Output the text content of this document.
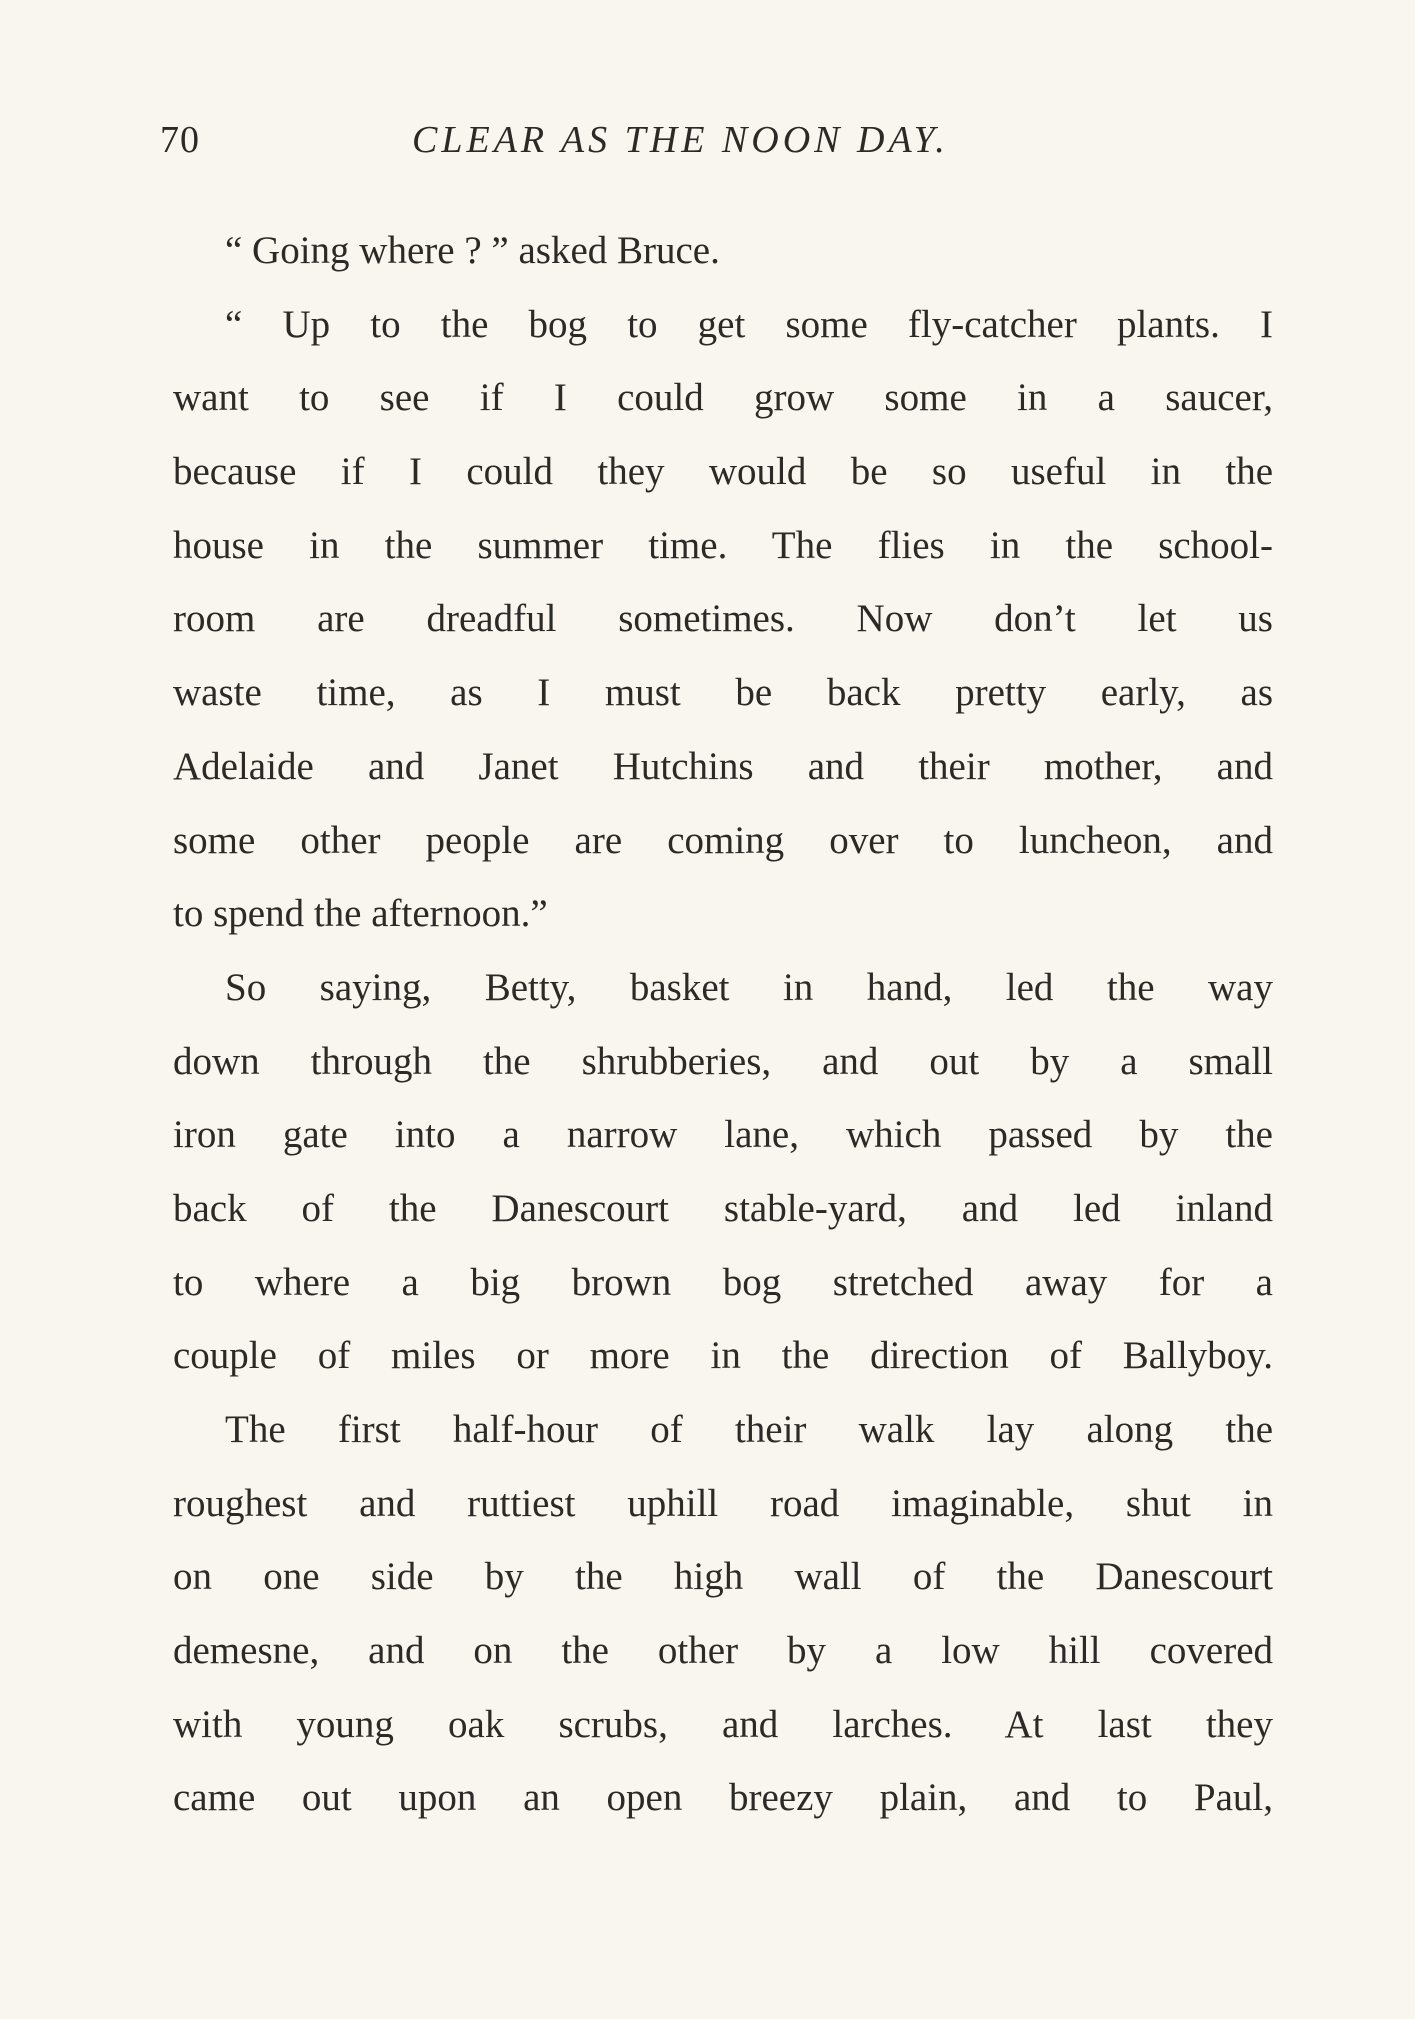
70	CLEAR AS THE NOON DAY.
“ Going where ? ” asked Bruce.
“ Up to the bog to get some fly-catcher plants. I
want to see if I could grow some in a saucer,
because if I could they would be so useful in the
house in the summer time. The flies in the school-
room are dreadful sometimes. Now don’t let us
waste time, as I must be back pretty early, as
Adelaide and Janet Hutchins and their mother, and
some other people are coming over to luncheon, and
to spend the afternoon.”
So saying, Betty, basket in hand, led the way
down through the shrubberies, and out by a small
iron gate into a narrow lane, which passed by the
back of the Danescourt stable-yard, and led inland
to where a big brown bog stretched away for a
couple of miles or more in the direction of Ballyboy.
The first half-hour of their walk lay along the
roughest and ruttiest uphill road imaginable, shut in
on one side by the high wall of the Danescourt
demesne, and on the other by a low hill covered
with young oak scrubs, and larches. At last they
came out upon an open breezy plain, and to Paul,
